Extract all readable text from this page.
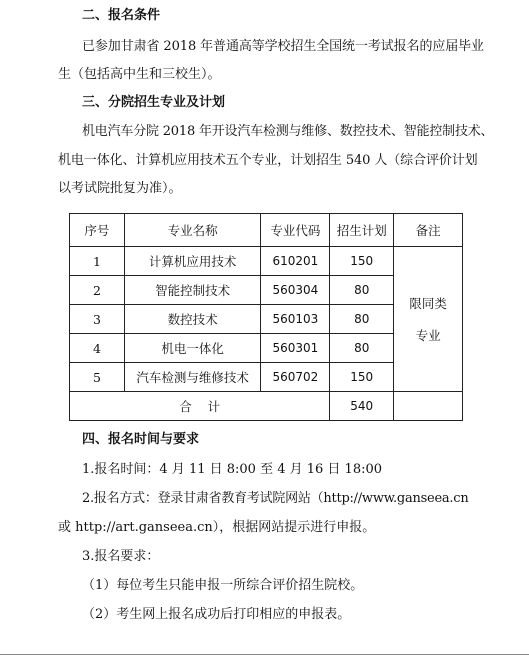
二、报名条件
已参加甘肃省 2018 年普通高等学校招生全国统一考试报名的应届毕业
生（包括高中生和三校生）。
三、分院招生专业及计划
机电汽车分院 2018 年开设汽车检测与维修、数控技术、智能控制技术、
机电一体化、计算机应用技术五个专业，计划招生 540 人（综合评价计划
以考试院批复为准）。
序号	专业名称	专业代码	招生计划	备注
1	计算机应用技术	610201	150	限同类
专业

2	智能控制技术	560304	80	
3	数控技术	560103	80	
4	机电一体化	560301	80	
5	汽车检测与维修技术	560702	150	
合    计			540	
四、报名时间与要求
1.报名时间：4 月 11 日 8:00 至 4 月 16 日 18:00
2.报名方式：登录甘肃省教育考试院网站（http://www.ganseea.cn
或 http://art.ganseea.cn），根据网站提示进行申报。
3.报名要求：
（1）每位考生只能申报一所综合评价招生院校。
（2）考生网上报名成功后打印相应的申报表。
